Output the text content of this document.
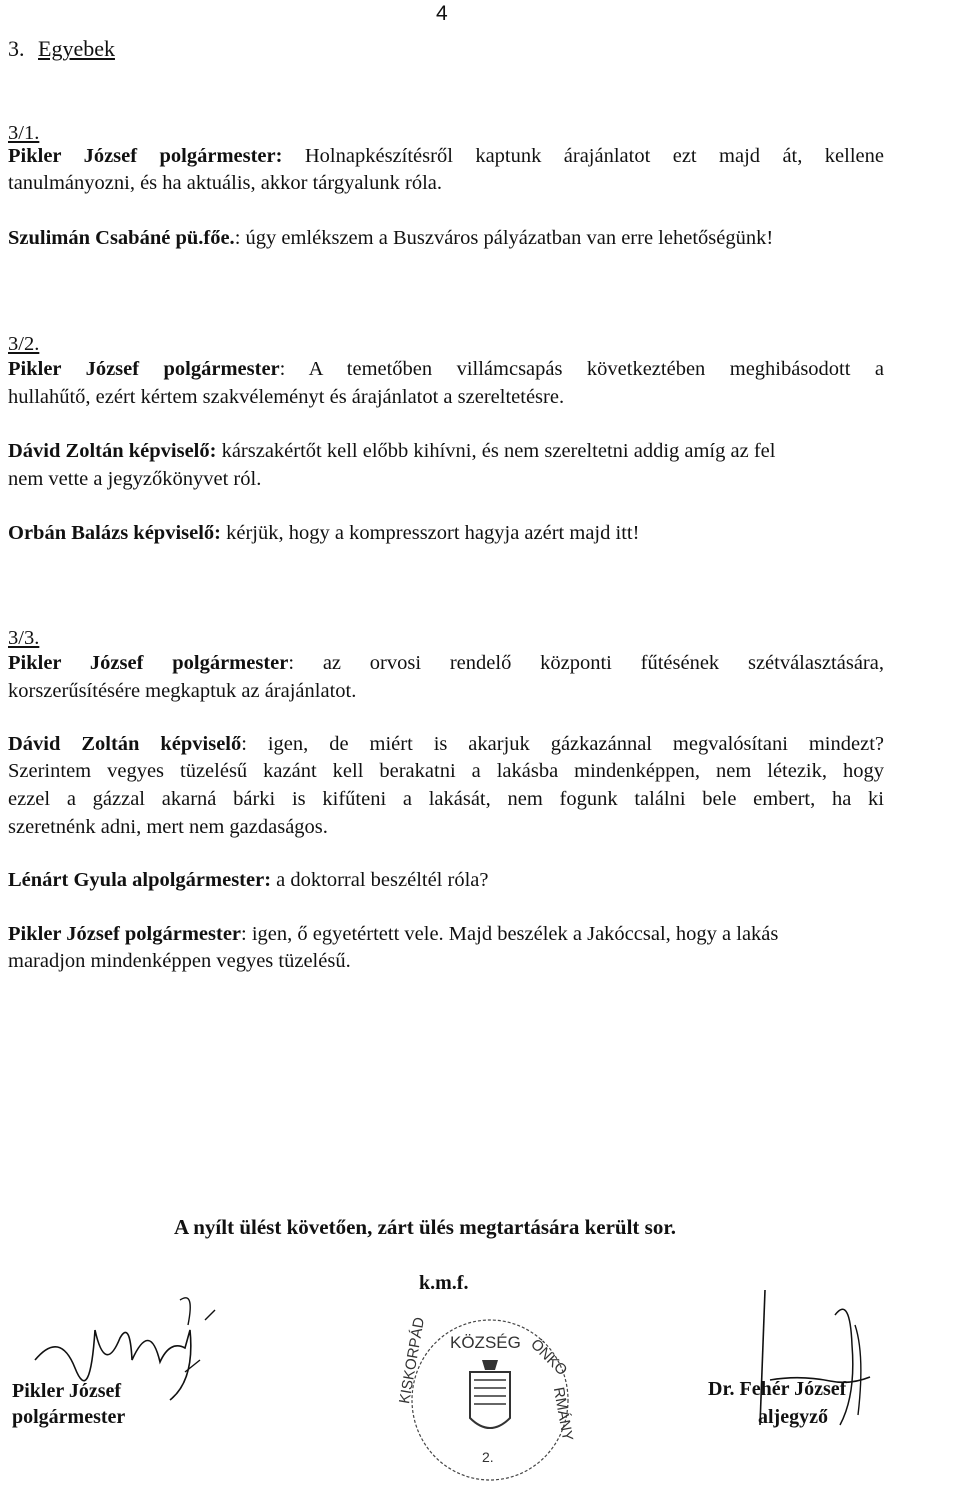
4
3. Egyebek
3/1.
Pikler József polgármester: Holnapkészítésről kaptunk árajánlatot ezt majd át, kellene
tanulmányozni, és ha aktuális, akkor tárgyalunk róla.
Szulimán Csabáné pü.főe.: úgy emlékszem a Buszváros pályázatban van erre lehetőségünk!
3/2.
Pikler József polgármester: A temetőben villámcsapás következtében meghibásodott a
hullahűtő, ezért kértem szakvéleményt és árajánlatot a szereltetésre.
Dávid Zoltán képviselő: kárszakértőt kell előbb kihívni, és nem szereltetni addig amíg az fel
nem vette a jegyzőkönyvet ról.
Orbán Balázs képviselő: kérjük, hogy a kompresszort hagyja azért majd itt!
3/3.
Pikler József polgármester: az orvosi rendelő központi fűtésének szétválasztására,
korszerűsítésére megkaptuk az árajánlatot.
Dávid Zoltán képviselő: igen, de miért is akarjuk gázkazánnal megvalósítani mindezt?
Szerintem vegyes tüzelésű kazánt kell berakatni a lakásba mindenképpen, nem létezik, hogy
ezzel a gázzal akarná bárki is kifűteni a lakását, nem fogunk találni bele embert, ha ki
szeretnénk adni, mert nem gazdaságos.
Lénárt Gyula alpolgármester: a doktorral beszéltél róla?
Pikler József polgármester: igen, ő egyetértett vele. Majd beszélek a Jakóccsal, hogy a lakás
maradjon mindenképpen vegyes tüzelésű.
A nyílt ülést követően, zárt ülés megtartására került sor.
k.m.f.
Pikler József
polgármester
KÖZSÉG ÖNKO
RMÁNY
KISKORPÁD
2.
Dr. Fehér József
aljegyző
